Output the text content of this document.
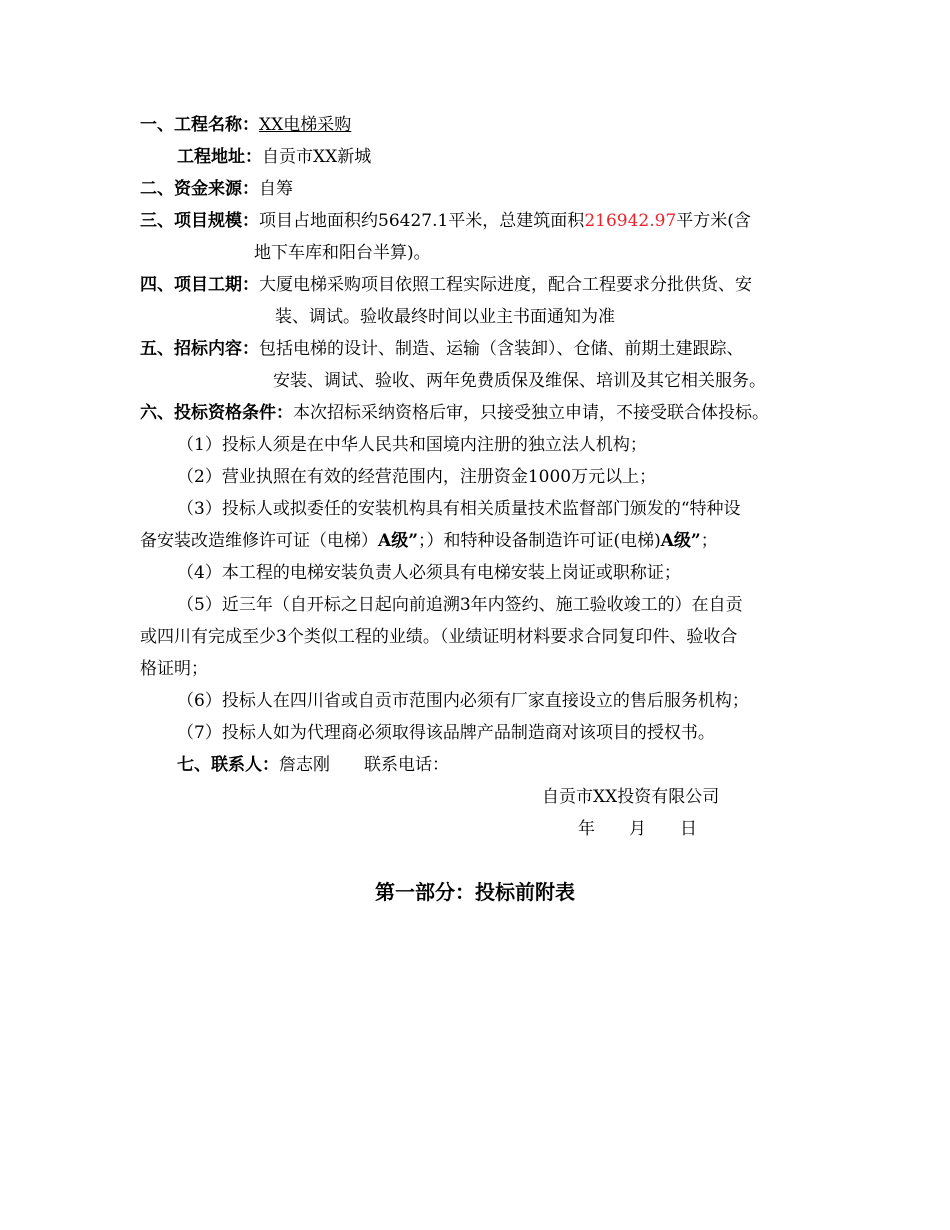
一、工程名称：XX电梯采购
工程地址：自贡市XX新城
二、资金来源：自筹
三、项目规模：项目占地面积约56427.1平米，总建筑面积216942.97平方米(含
地下车库和阳台半算)。
四、项目工期：大厦电梯采购项目依照工程实际进度，配合工程要求分批供货、安
装、调试。验收最终时间以业主书面通知为准
五、招标内容：包括电梯的设计、制造、运输（含装卸）、仓储、前期土建跟踪、
安装、调试、验收、两年免费质保及维保、培训及其它相关服务。
六、投标资格条件：本次招标采纳资格后审，只接受独立申请，不接受联合体投标。
（1）投标人须是在中华人民共和国境内注册的独立法人机构；
（2）营业执照在有效的经营范围内，注册资金1000万元以上；
（3）投标人或拟委任的安装机构具有相关质量技术监督部门颁发的“特种设
备安装改造维修许可证（电梯）A级”；）和特种设备制造许可证(电梯)A级”；
（4）本工程的电梯安装负责人必须具有电梯安装上岗证或职称证；
（5）近三年（自开标之日起向前追溯3年内签约、施工验收竣工的）在自贡
或四川有完成至少3个类似工程的业绩。（业绩证明材料要求合同复印件、验收合
格证明；
（6）投标人在四川省或自贡市范围内必须有厂家直接设立的售后服务机构；
（7）投标人如为代理商必须取得该品牌产品制造商对该项目的授权书。
七、联系人：詹志刚 联系电话：
自贡市XX投资有限公司
年　　月　　日
第一部分：投标前附表
